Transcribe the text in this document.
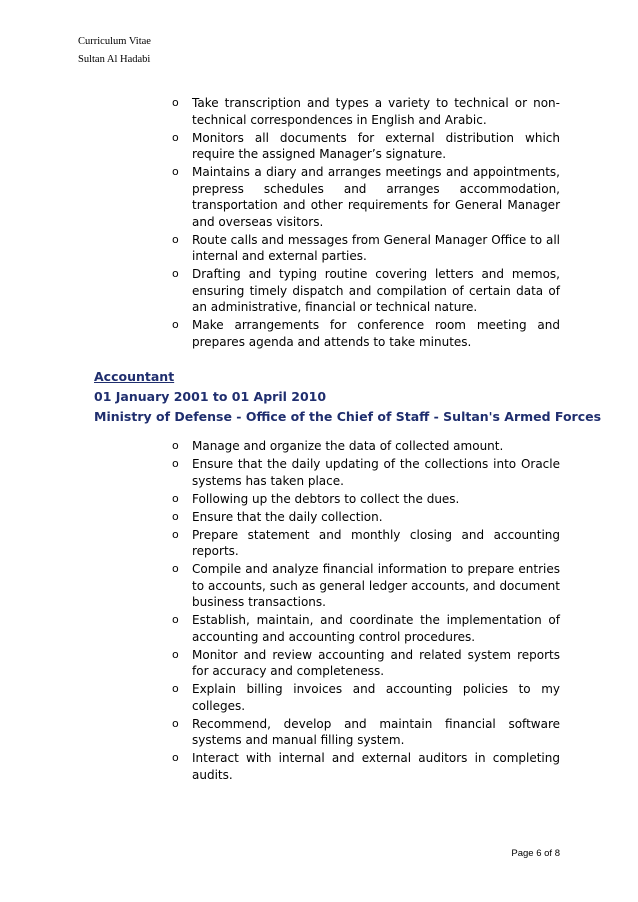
Curriculum Vitae
Sultan Al Hadabi
o Take transcription and types a variety to technical or non-technical correspondences in English and Arabic.
o Monitors all documents for external distribution which require the assigned Manager’s signature.
o Maintains a diary and arranges meetings and appointments, prepress schedules and arranges accommodation, transportation and other requirements for General Manager and overseas visitors.
o Route calls and messages from General Manager Office to all internal and external parties.
o Drafting and typing routine covering letters and memos, ensuring timely dispatch and compilation of certain data of an administrative, financial or technical nature.
o Make arrangements for conference room meeting and prepares agenda and attends to take minutes.
Accountant
01 January 2001 to 01 April 2010
Ministry of Defense - Office of the Chief of Staff - Sultan's Armed Forces
o Manage and organize the data of collected amount.
o Ensure that the daily updating of the collections into Oracle systems has taken place.
o Following up the debtors to collect the dues.
o Ensure that the daily collection.
o Prepare statement and monthly closing and accounting reports.
o Compile and analyze financial information to prepare entries to accounts, such as general ledger accounts, and document business transactions.
o Establish, maintain, and coordinate the implementation of accounting and accounting control procedures.
o Monitor and review accounting and related system reports for accuracy and completeness.
o Explain billing invoices and accounting policies to my colleges.
o Recommend, develop and maintain financial software systems and manual filling system.
o Interact with internal and external auditors in completing audits.
Page 6 of 8
